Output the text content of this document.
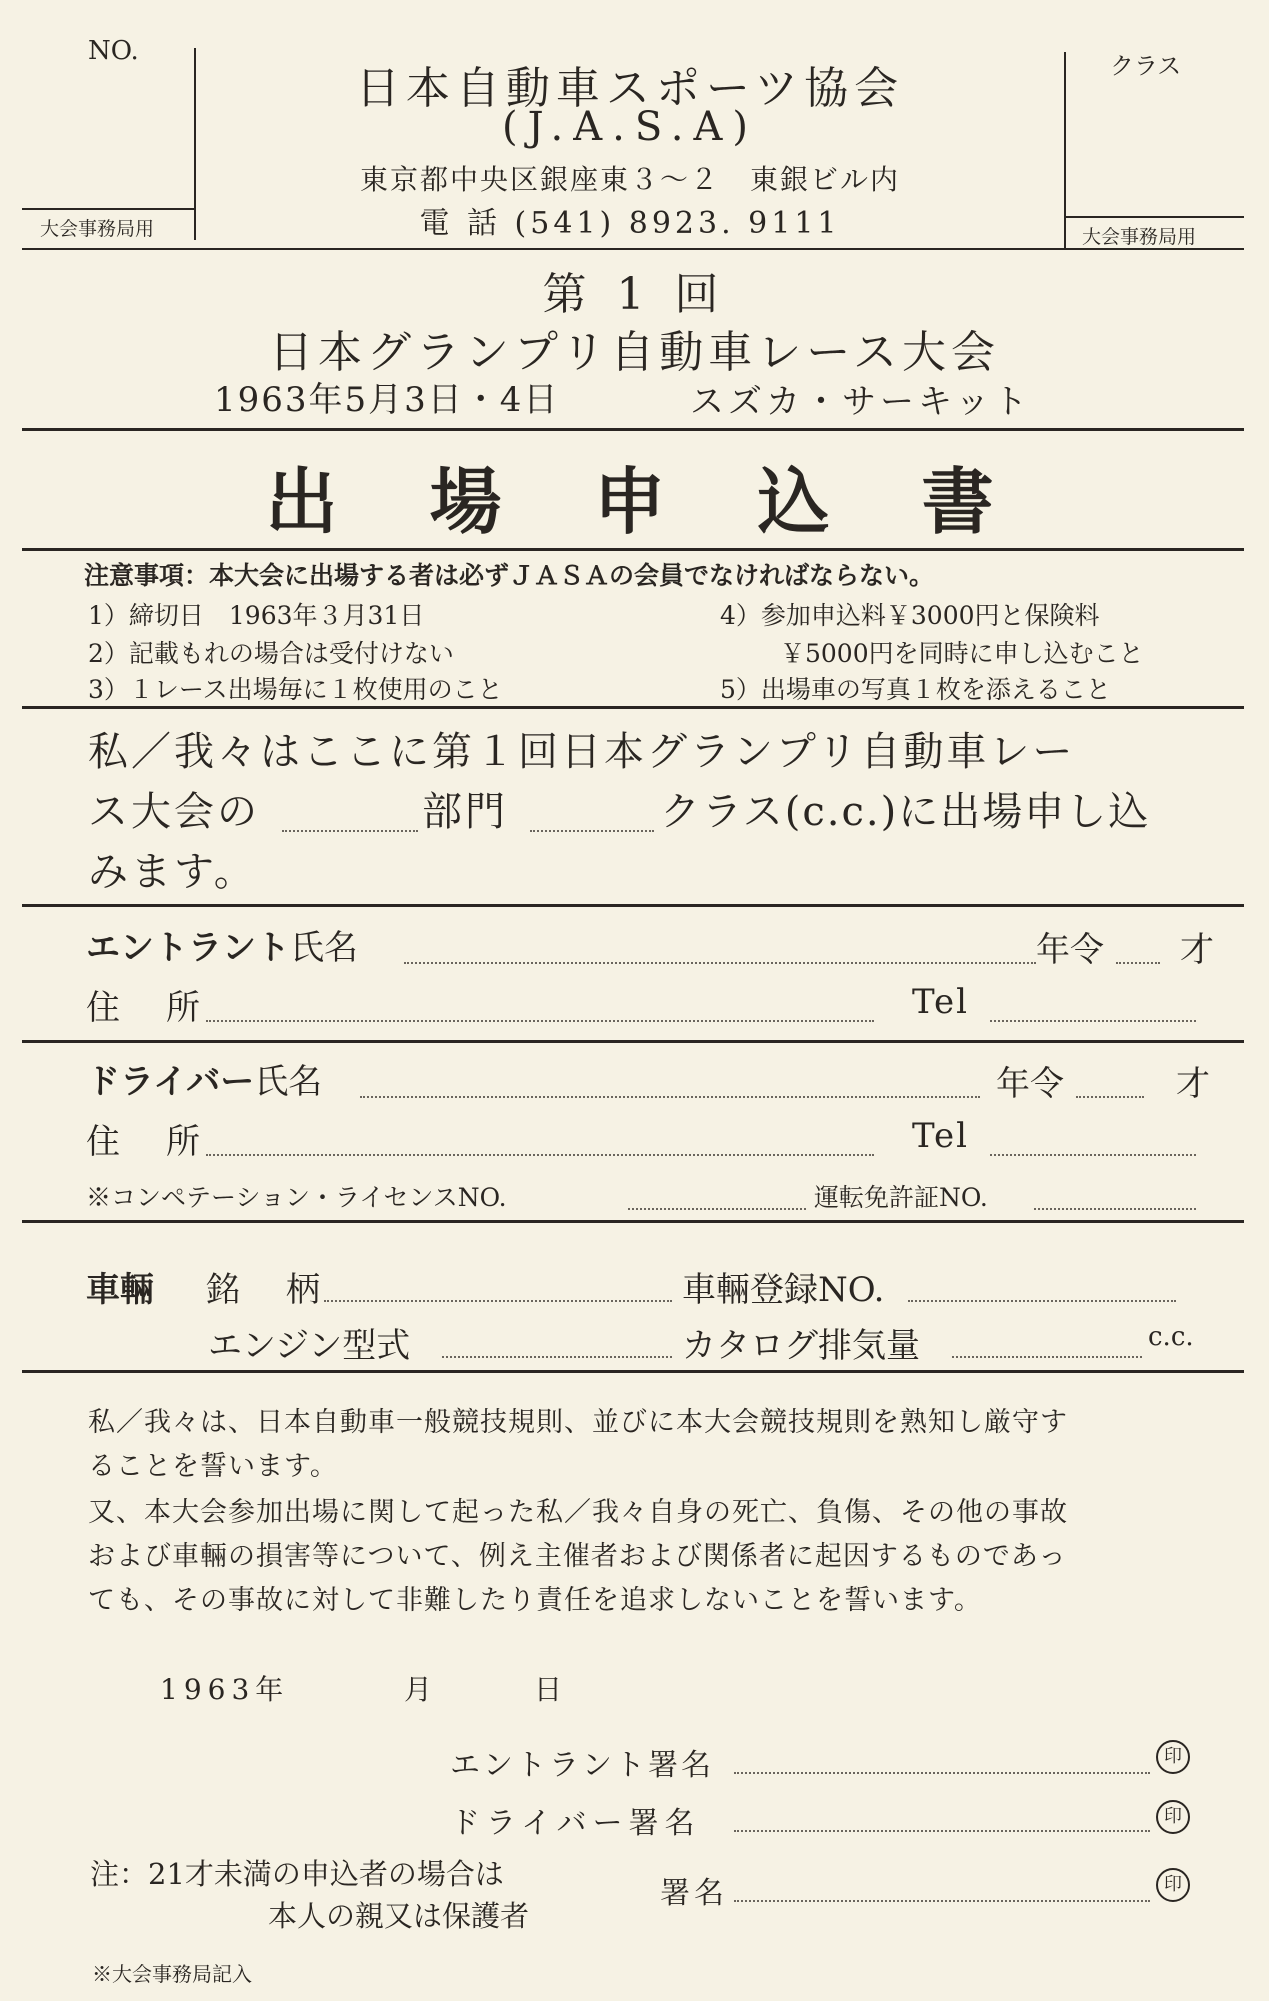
NO.
大会事務局用
日本自動車スポーツ協会
(J.A.S.A)
東京都中央区銀座東３～２　東銀ビル内
電 話 (541) 8923. 9111
クラス
大会事務局用
第 1 回
日本グランプリ自動車レース大会
1963年5月3日・4日	スズカ・サーキット
出　場　申　込　書
注意事項：本大会に出場する者は必ずＪＡＳＡの会員でなければならない。
1）締切日　1963年３月31日
2）記載もれの場合は受付けない
3）１レース出場毎に１枚使用のこと
4）参加申込料￥3000円と保険料
￥5000円を同時に申し込むこと
5）出場車の写真１枚を添えること
私／我々はここに第１回日本グランプリ自動車レー
ス大会の	部門	クラス(c.c.)に出場申し込
みます。
エントラント氏名	年令 才
住　所	Tel
ドライバー氏名	年令	才
住　所	Tel
※コンペテーション・ライセンスNO.	運転免許証NO.
車輛 銘　柄	車輛登録NO.
エンジン型式	カタログ排気量	c.c.
私／我々は、日本自動車一般競技規則、並びに本大会競技規則を熟知し厳守す
ることを誓います。
又、本大会参加出場に関して起った私／我々自身の死亡、負傷、その他の事故
および車輛の損害等について、例え主催者および関係者に起因するものであっ
ても、その事故に対して非難したり責任を追求しないことを誓います。
1963年	月	日
エントラント署名	印
ドライバー署名	印
注：21才未満の申込者の場合は
本人の親又は保護者
署名	印
※大会事務局記入
